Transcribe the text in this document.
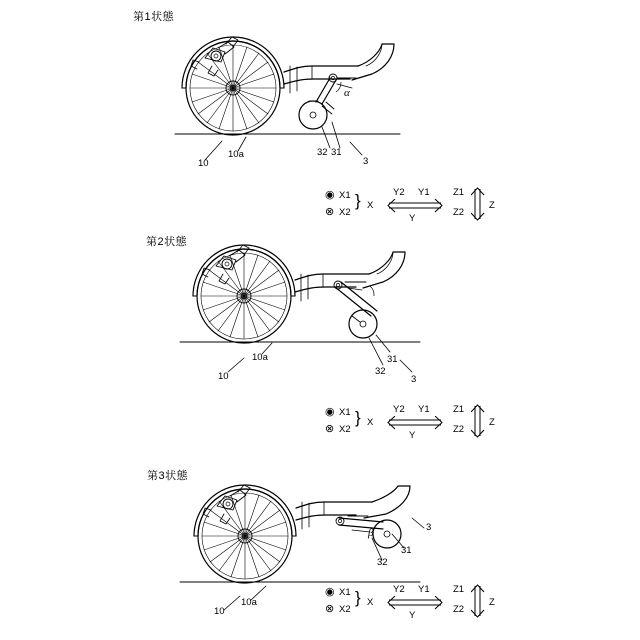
第1状態
α
10
10a	32 31
3
◉ X1
⊗ X2
} X
Y2 Y1
Y
Z1
Z2
Z
第2状態
β
10a
10
31
32
3
◉ X1
⊗ X2
} X
Y2 Y1
Y
Z1
Z2
Z
第3状態
3
31
32
10a
10
◉ X1
⊗ X2
} X
Y2 Y1
Y
Z1
Z2
Z
